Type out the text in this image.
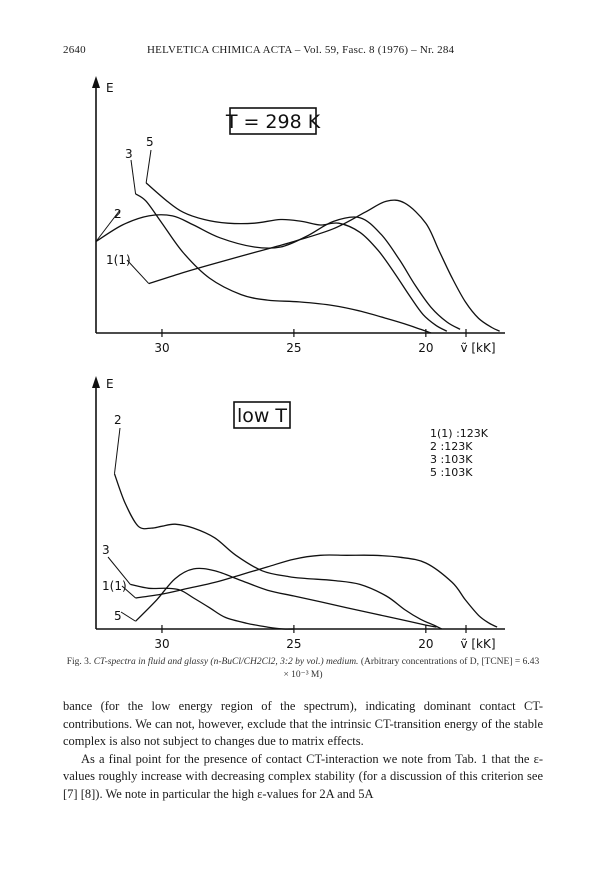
2640	HELVETICA CHIMICA ACTA – Vol. 59, Fasc. 8 (1976) – Nr. 284
E
T = 298 K
30	25	20 ṽ [kK]
1(1)
2
3
5
E
low T
1(1) :123K
2 :123K
3 :103K
5 :103K
30	25	20 ṽ [kK]
1(1)
2
3
5
Fig. 3. CT-spectra in fluid and glassy (n-BuCl/CH2Cl2, 3:2 by vol.) medium. (Arbitrary concentrations of D, [TCNE] = 6.43 × 10⁻³ M)

bance (for the low energy region of the spectrum), indicating dominant contact CT-contributions. We can not, however, exclude that the intrinsic CT-transition energy of the stable complex is also not subject to changes due to matrix effects.

As a final point for the presence of contact CT-interaction we note from Tab. 1 that the ε-values roughly increase with decreasing complex stability (for a discussion of this criterion see [7] [8]). We note in particular the high ε-values for 2A and 5A
